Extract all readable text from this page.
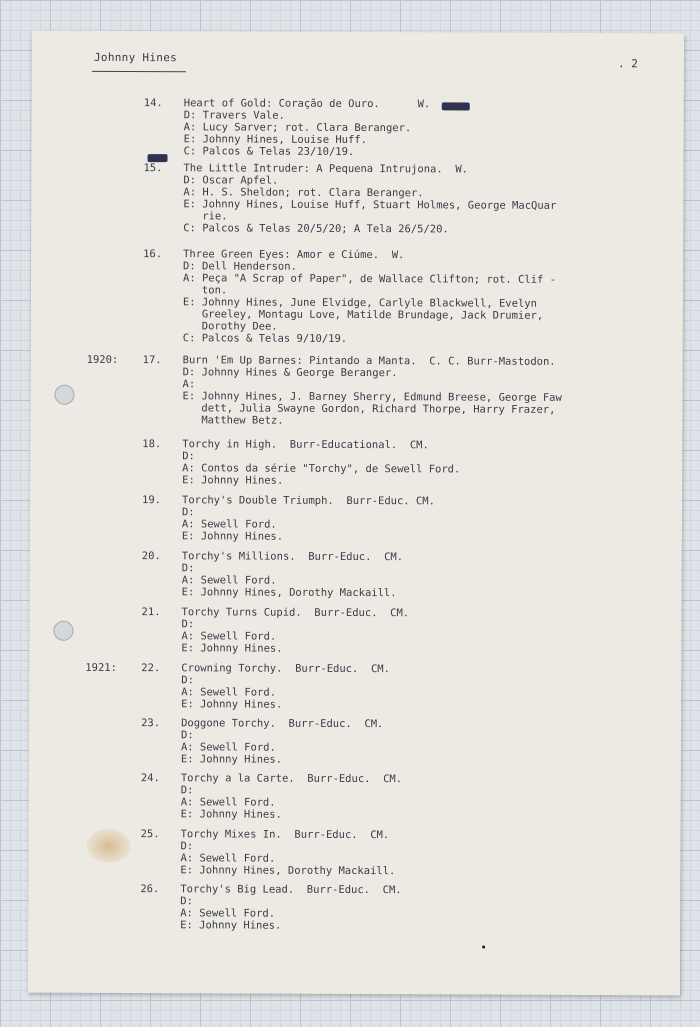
Johnny Hines	. 2
14. Heart of Gold: Coração de Ouro.      W.
D: Travers Vale.
A: Lucy Sarver; rot. Clara Beranger.
E: Johnny Hines, Louise Huff.
C: Palcos & Telas 23/10/19.
15. The Little Intruder: A Pequena Intrujona.  W.
D: Oscar Apfel.
A: H. S. Sheldon; rot. Clara Beranger.
E: Johnny Hines, Louise Huff, Stuart Holmes, George MacQuar
rie.
C: Palcos & Telas 20/5/20; A Tela 26/5/20.
16. Three Green Eyes: Amor e Ciúme.  W.
D: Dell Henderson.
A: Peça "A Scrap of Paper", de Wallace Clifton; rot. Clif -
ton.
E: Johnny Hines, June Elvidge, Carlyle Blackwell, Evelyn
Greeley, Montagu Love, Matilde Brundage, Jack Drumier,
Dorothy Dee.
C: Palcos & Telas 9/10/19.
1920: 17. Burn 'Em Up Barnes: Pintando a Manta.  C. C. Burr-Mastodon.
D: Johnny Hines & George Beranger.
A:
E: Johnny Hines, J. Barney Sherry, Edmund Breese, George Faw
dett, Julia Swayne Gordon, Richard Thorpe, Harry Frazer,
Matthew Betz.
18. Torchy in High.  Burr-Educational.  CM.
D:
A: Contos da série "Torchy", de Sewell Ford.
E: Johnny Hines.
19. Torchy's Double Triumph.  Burr-Educ. CM.
D:
A: Sewell Ford.
E: Johnny Hines.
20. Torchy's Millions.  Burr-Educ.  CM.
D:
A: Sewell Ford.
E: Johnny Hines, Dorothy Mackaill.
21. Torchy Turns Cupid.  Burr-Educ.  CM.
D:
A: Sewell Ford.
E: Johnny Hines.
1921: 22. Crowning Torchy.  Burr-Educ.  CM.
D:
A: Sewell Ford.
E: Johnny Hines.
23. Doggone Torchy.  Burr-Educ.  CM.
D:
A: Sewell Ford.
E: Johnny Hines.
24. Torchy a la Carte.  Burr-Educ.  CM.
D:
A: Sewell Ford.
E: Johnny Hines.
25. Torchy Mixes In.  Burr-Educ.  CM.
D:
A: Sewell Ford.
E: Johnny Hines, Dorothy Mackaill.
26. Torchy's Big Lead.  Burr-Educ.  CM.
D:
A: Sewell Ford.
E: Johnny Hines.
